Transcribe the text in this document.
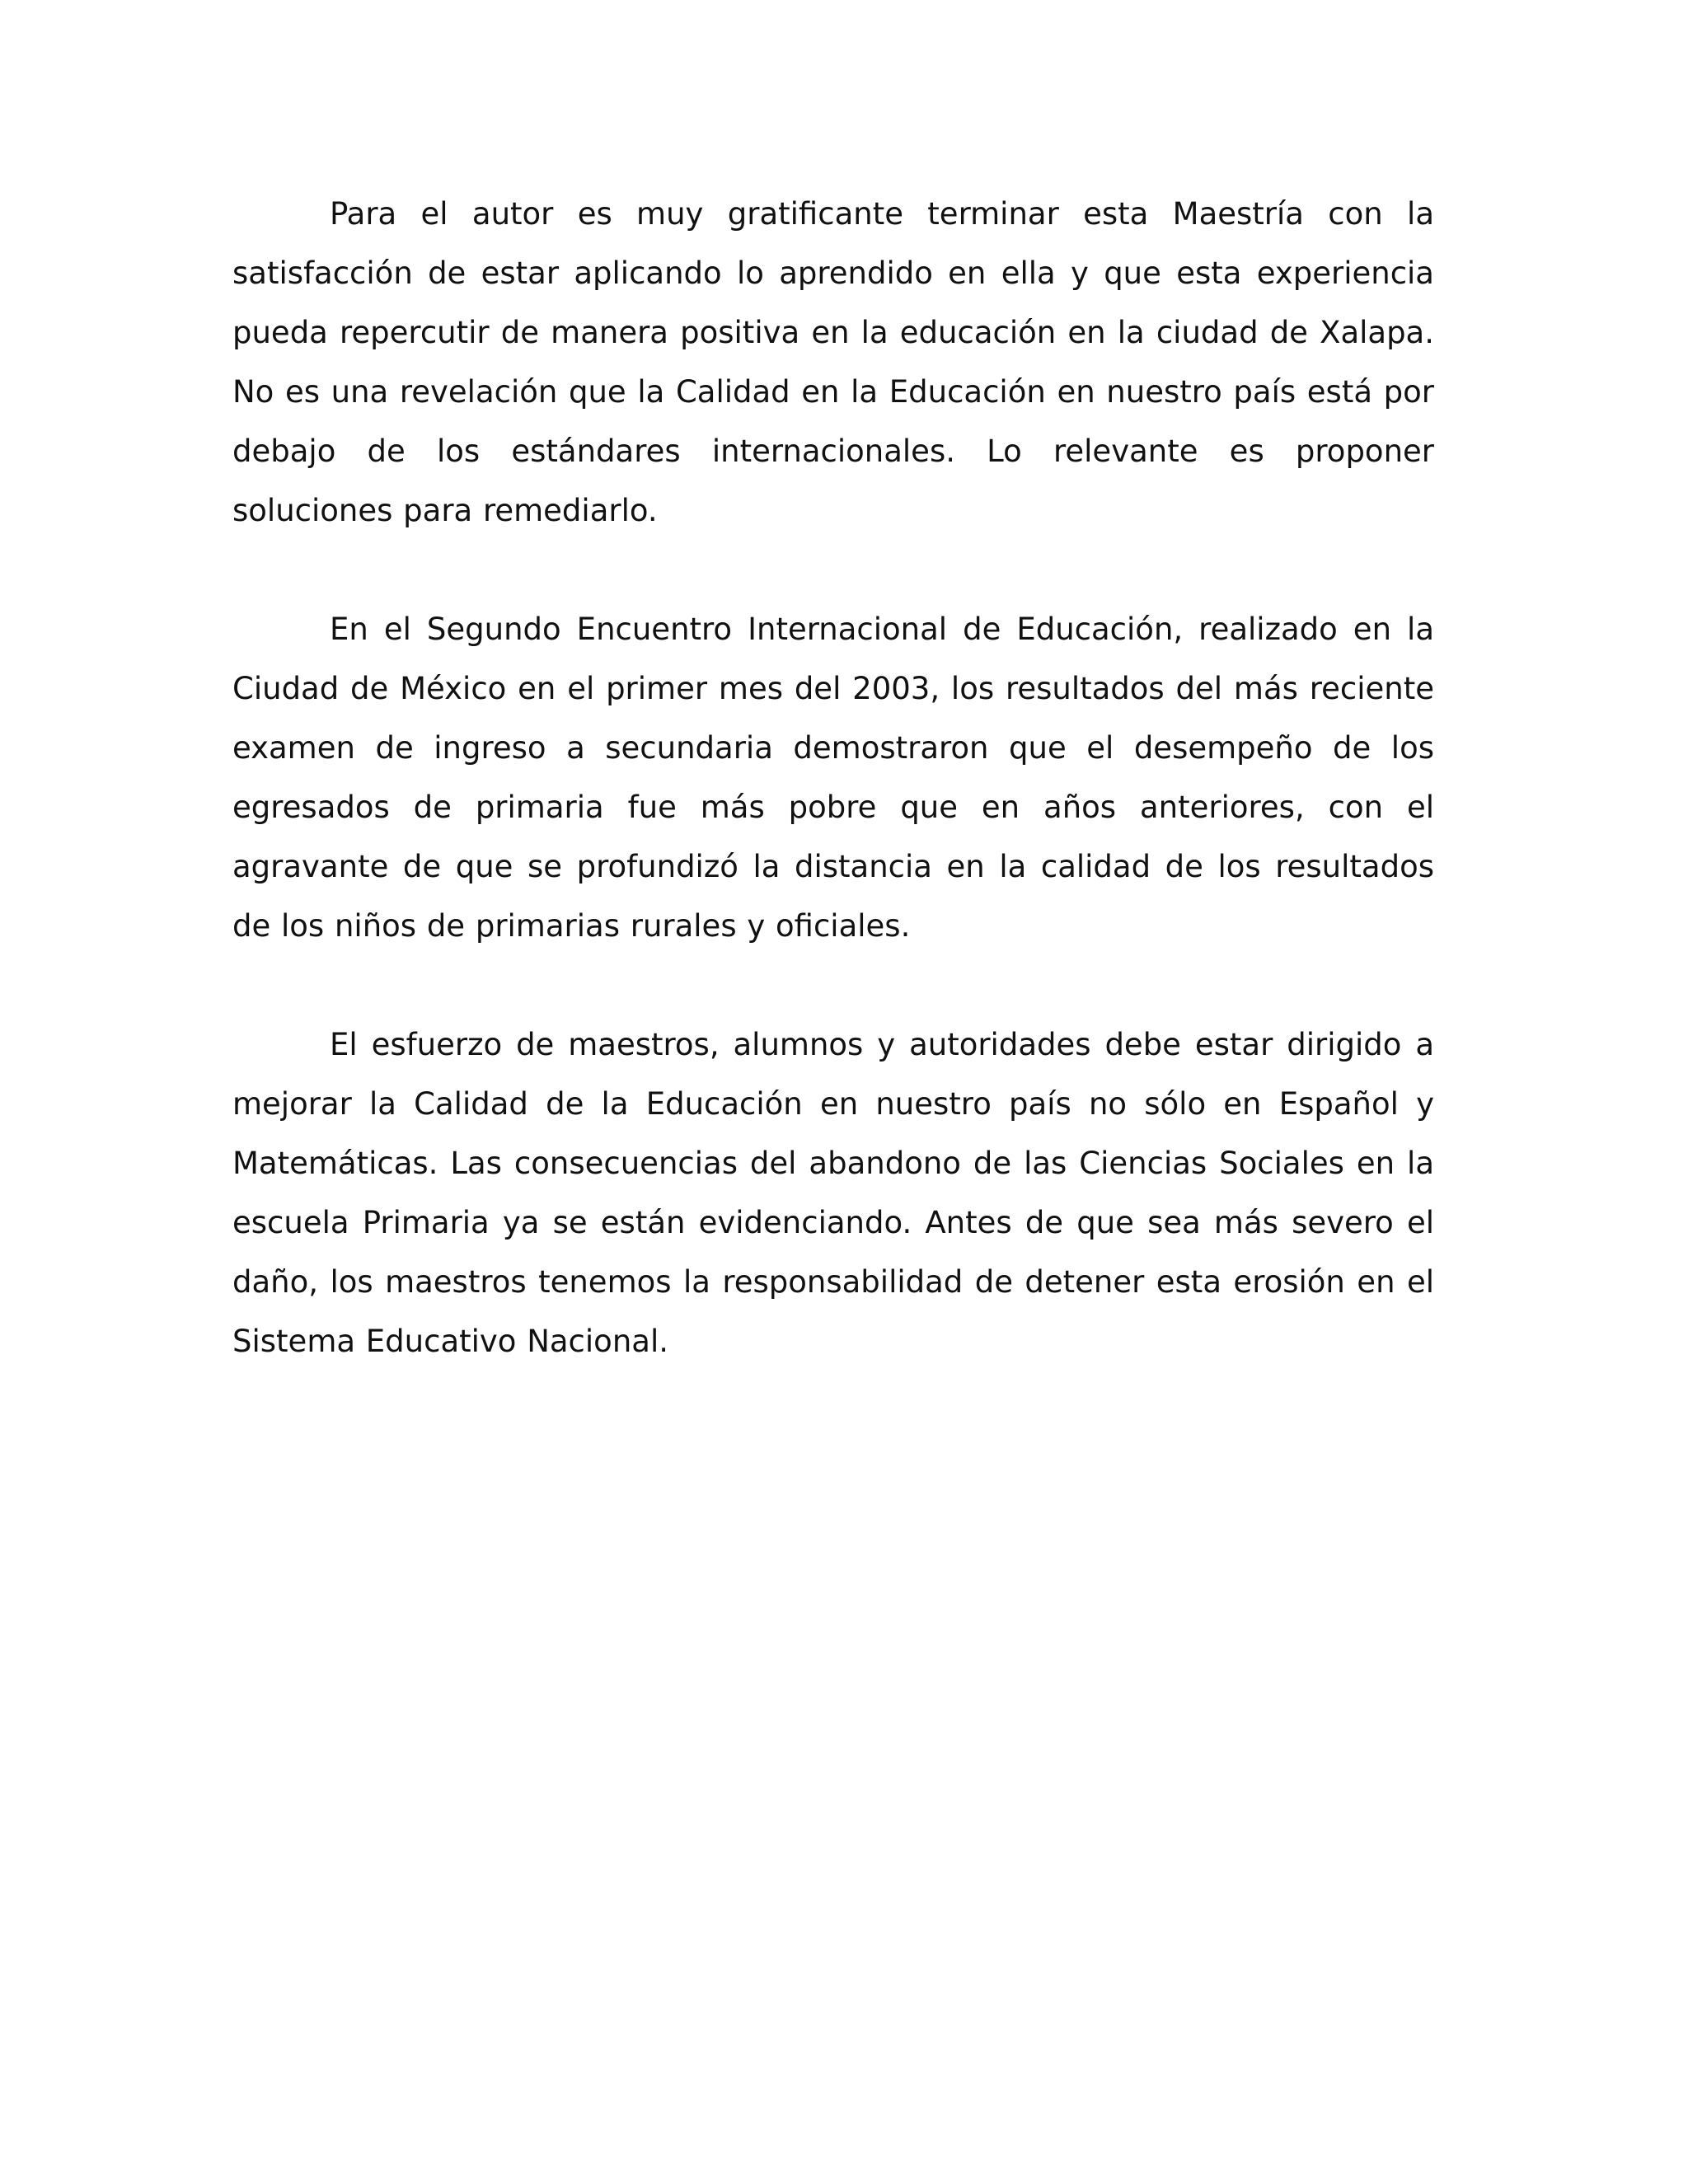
Para el autor es muy gratificante terminar esta Maestría con la satisfacción de estar aplicando lo aprendido en ella y que esta experiencia pueda repercutir de manera positiva en la educación en la ciudad de Xalapa. No es una revelación que la Calidad en la Educación en nuestro país está por debajo de los estándares internacionales. Lo relevante es proponer soluciones para remediarlo.

En el Segundo Encuentro Internacional de Educación, realizado en la Ciudad de México en el primer mes del 2003, los resultados del más reciente examen de ingreso a secundaria demostraron que el desempeño de los egresados de primaria fue más pobre que en años anteriores, con el agravante de que se profundizó la distancia en la calidad de los resultados de los niños de primarias rurales y oficiales.

El esfuerzo de maestros, alumnos y autoridades debe estar dirigido a mejorar la Calidad de la Educación en nuestro país no sólo en Español y Matemáticas. Las consecuencias del abandono de las Ciencias Sociales en la escuela Primaria ya se están evidenciando. Antes de que sea más severo el daño, los maestros tenemos la responsabilidad de detener esta erosión en el Sistema Educativo Nacional.
